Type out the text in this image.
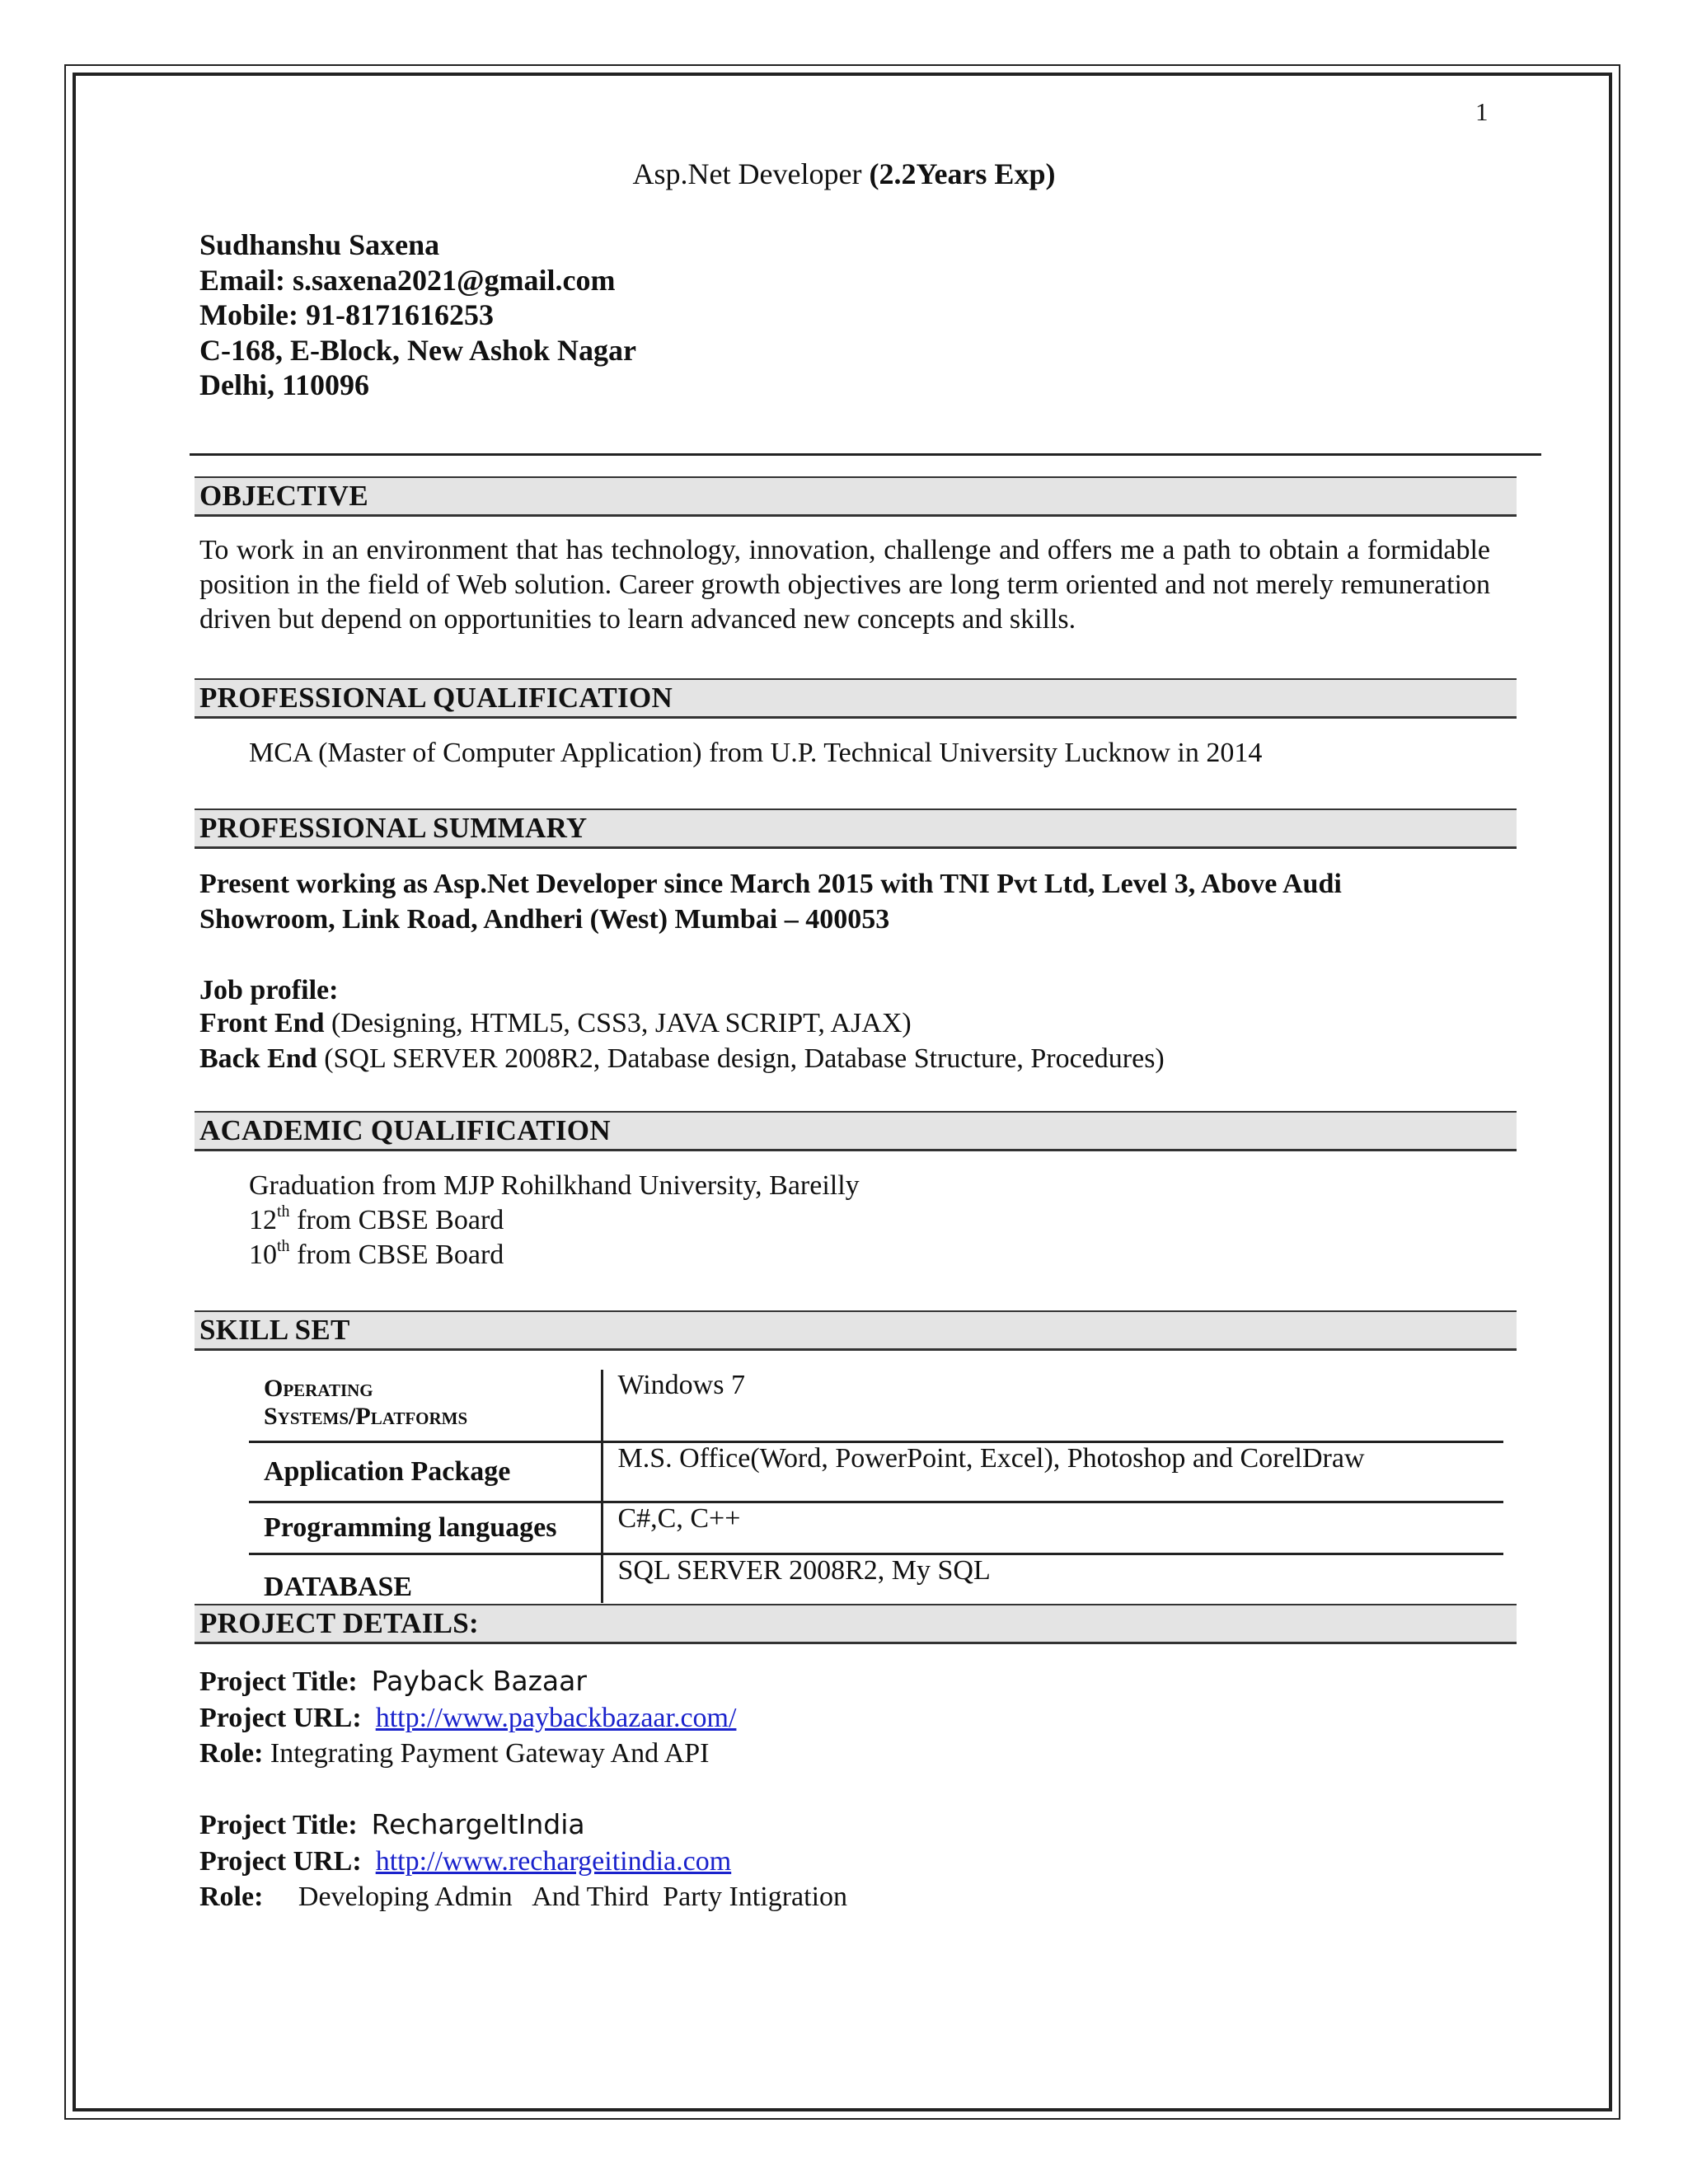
1
Asp.Net Developer (2.2Years Exp)
Sudhanshu Saxena
Email: s.saxena2021@gmail.com
Mobile: 91-8171616253
C-168, E-Block, New Ashok Nagar
Delhi, 110096
OBJECTIVE
To work in an environment that has technology, innovation, challenge and offers me a path to obtain a formidable position in the field of Web solution. Career growth objectives are long term oriented and not merely remuneration driven but depend on opportunities to learn advanced new concepts and skills.
PROFESSIONAL QUALIFICATION
MCA (Master of Computer Application) from U.P. Technical University Lucknow in 2014
PROFESSIONAL SUMMARY
Present working as Asp.Net Developer since March 2015 with TNI Pvt Ltd, Level 3, Above Audi
Showroom, Link Road, Andheri (West) Mumbai – 400053
Job profile:
Front End (Designing, HTML5, CSS3, JAVA SCRIPT, AJAX)
Back End (SQL SERVER 2008R2, Database design, Database Structure, Procedures)
ACADEMIC QUALIFICATION
Graduation from MJP Rohilkhand University, Bareilly
12th from CBSE Board
10th from CBSE Board
SKILL SET
Operating
Systems/Platforms	Windows 7
Application Package	M.S. Office(Word, PowerPoint, Excel), Photoshop and CorelDraw
Programming languages	C#,C, C++
DATABASE	SQL SERVER 2008R2, My SQL
PROJECT DETAILS:
Project Title: Payback Bazaar
Project URL: http://www.paybackbazaar.com/
Role: Integrating Payment Gateway And API
Project Title: RechargeItIndia
Project URL: http://www.rechargeitindia.com
Role:     Developing Admin   And Third  Party Intigration
